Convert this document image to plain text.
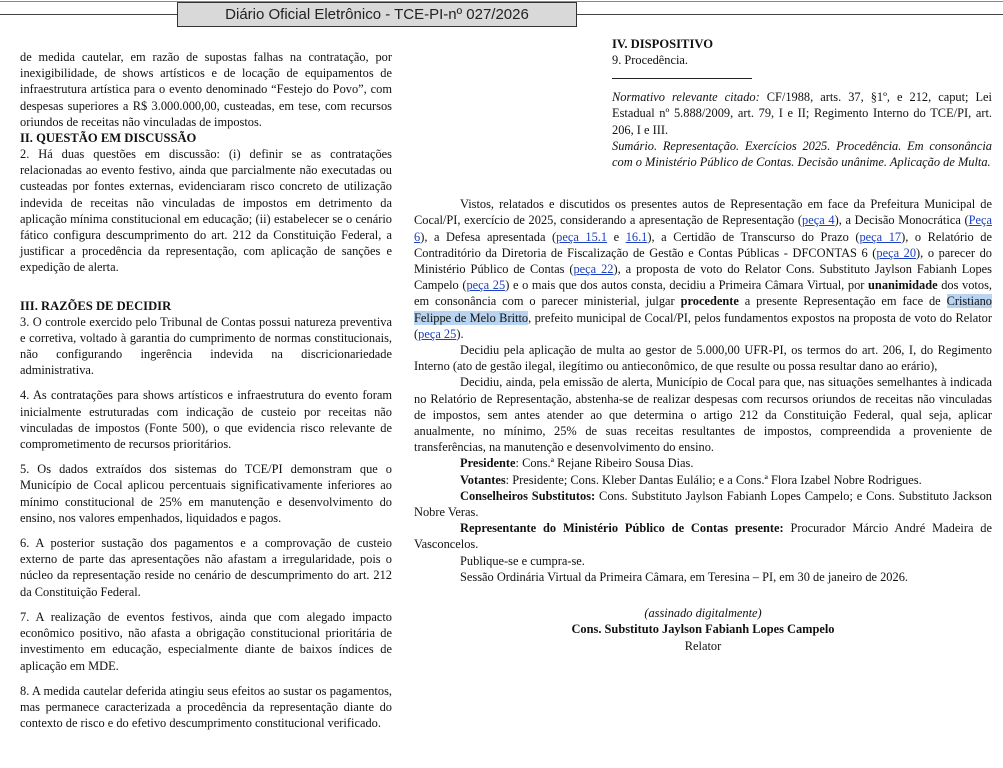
Diário Oficial Eletrônico - TCE-PI-nº 027/2026

de medida cautelar, em razão de supostas falhas na contratação, por inexigibilidade, de shows artísticos e de locação de equipamentos de infraestrutura artística para o evento denominado “Festejo do Povo”, com despesas superiores a R$ 3.000.000,00, custeadas, em tese, com recursos oriundos de receitas não vinculadas de impostos.

II. QUESTÃO EM DISCUSSÃO

2. Há duas questões em discussão: (i) definir se as contratações relacionadas ao evento festivo, ainda que parcialmente não executadas ou custeadas por fontes externas, evidenciaram risco concreto de utilização indevida de receitas não vinculadas de impostos em detrimento da aplicação mínima constitucional em educação; (ii) estabelecer se o cenário fático configura descumprimento do art. 212 da Constituição Federal, a justificar a procedência da representação, com aplicação de sanções e expedição de alerta.

III. RAZÕES DE DECIDIR

3. O controle exercido pelo Tribunal de Contas possui natureza preventiva e corretiva, voltado à garantia do cumprimento de normas constitucionais, não configurando ingerência indevida na discricionariedade administrativa.

4. As contratações para shows artísticos e infraestrutura do evento foram inicialmente estruturadas com indicação de custeio por receitas não vinculadas de impostos (Fonte 500), o que evidencia risco relevante de comprometimento de recursos prioritários.

5. Os dados extraídos dos sistemas do TCE/PI demonstram que o Município de Cocal aplicou percentuais significativamente inferiores ao mínimo constitucional de 25% em manutenção e desenvolvimento do ensino, nos valores empenhados, liquidados e pagos.

6. A posterior sustação dos pagamentos e a comprovação de custeio externo de parte das apresentações não afastam a irregularidade, pois o núcleo da representação reside no cenário de descumprimento do art. 212 da Constituição Federal.

7. A realização de eventos festivos, ainda que com alegado impacto econômico positivo, não afasta a obrigação constitucional prioritária de investimento em educação, especialmente diante de baixos índices de aplicação em MDE.

8. A medida cautelar deferida atingiu seus efeitos ao sustar os pagamentos, mas permanece caracterizada a procedência da representação diante do contexto de risco e do efetivo descumprimento constitucional verificado.

IV. DISPOSITIVO

9. Procedência.

Normativo relevante citado: CF/1988, arts. 37, §1º, e 212, caput; Lei Estadual nº 5.888/2009, art. 79, I e II; Regimento Interno do TCE/PI, art. 206, I e III.

Sumário. Representação. Exercícios 2025. Procedência. Em consonância com o Ministério Público de Contas. Decisão unânime. Aplicação de Multa.

Vistos, relatados e discutidos os presentes autos de Representação em face da Prefeitura Municipal de Cocal/PI, exercício de 2025, considerando a apresentação de Representação (peça 4), a Decisão Monocrática (Peça 6), a Defesa apresentada (peça 15.1 e 16.1), a Certidão de Transcurso do Prazo (peça 17), o Relatório de Contraditório da Diretoria de Fiscalização de Gestão e Contas Públicas - DFCONTAS 6 (peça 20), o parecer do Ministério Público de Contas (peça 22), a proposta de voto do Relator Cons. Substituto Jaylson Fabianh Lopes Campelo (peça 25) e o mais que dos autos consta, decidiu a Primeira Câmara Virtual, por unanimidade dos votos, em consonância com o parecer ministerial, julgar procedente a presente Representação em face de Cristiano Felippe de Melo Britto, prefeito municipal de Cocal/PI, pelos fundamentos expostos na proposta de voto do Relator (peça 25).

Decidiu pela aplicação de multa ao gestor de 5.000,00 UFR-PI, os termos do art. 206, I, do Regimento Interno (ato de gestão ilegal, ilegítimo ou antieconômico, de que resulte ou possa resultar dano ao erário),

Decidiu, ainda, pela emissão de alerta, Município de Cocal para que, nas situações semelhantes à indicada no Relatório de Representação, abstenha-se de realizar despesas com recursos oriundos de receitas não vinculadas de impostos, sem antes atender ao que determina o artigo 212 da Constituição Federal, qual seja, aplicar anualmente, no mínimo, 25% de suas receitas resultantes de impostos, compreendida a proveniente de transferências, na manutenção e desenvolvimento do ensino.

Presidente: Cons.ª Rejane Ribeiro Sousa Dias.

Votantes: Presidente; Cons. Kleber Dantas Eulálio; e a Cons.ª Flora Izabel Nobre Rodrigues.

Conselheiros Substitutos: Cons. Substituto Jaylson Fabianh Lopes Campelo; e Cons. Substituto Jackson Nobre Veras.

Representante do Ministério Público de Contas presente: Procurador Márcio André Madeira de Vasconcelos.

Publique-se e cumpra-se.

Sessão Ordinária Virtual da Primeira Câmara, em Teresina – PI, em 30 de janeiro de 2026.

(assinado digitalmente)

Cons. Substituto Jaylson Fabianh Lopes Campelo

Relator
